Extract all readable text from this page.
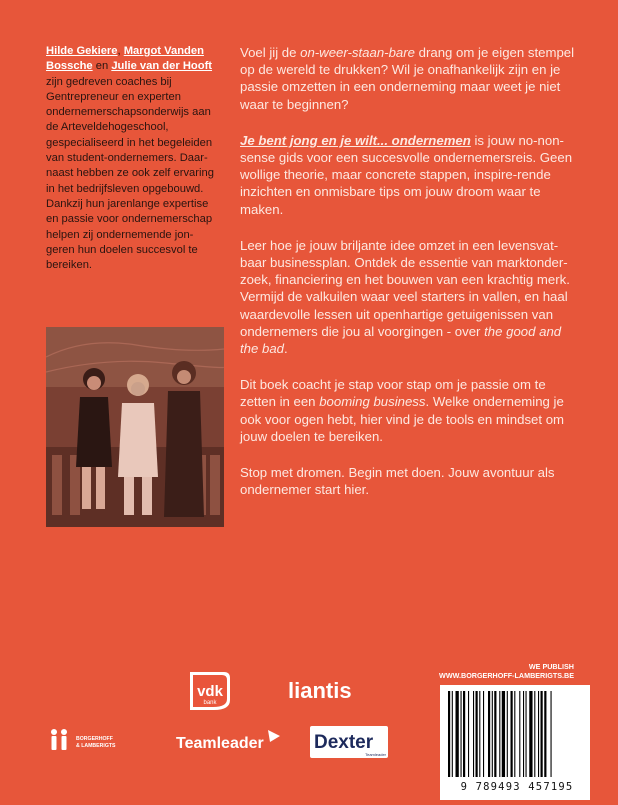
Hilde Gekiere, Margot Vanden Bossche en Julie van der Hooft zijn gedreven coaches bij Gentrepreneur en experten ondernemerschapsonderwijs aan de Arteveldehogeschool, gespecialiseerd in het begeleiden van student-ondernemers. Daar-naast hebben ze ook zelf ervaring in het bedrijfsleven opgebouwd. Dankzij hun jarenlange expertise en passie voor ondernemerschap helpen zij ondernemende jon-geren hun doelen succesvol te bereiken.

Voel jij de on-weer-staan-bare drang om je eigen stempel op de wereld te drukken? Wil je onafhankelijk zijn en je passie omzetten in een onderneming maar weet je niet waar te beginnen?

Je bent jong en je wilt... ondernemen is jouw no-non-sense gids voor een succesvolle ondernemersreis. Geen wollige theorie, maar concrete stappen, inspire-rende inzichten en onmisbare tips om jouw droom waar te maken.

Leer hoe je jouw briljante idee omzet in een levensvat-baar businessplan. Ontdek de essentie van marktonder-zoek, financiering en het bouwen van een krachtig merk. Vermijd de valkuilen waar veel starters in vallen, en haal waardevolle lessen uit openhartige getuigenissen van ondernemers die jou al voorgingen - over the good and the bad.

Dit boek coacht je stap voor stap om je passie om te zetten in een booming business. Welke onderneming je ook voor ogen hebt, hier vind je de tools en mindset om jouw doelen te bereiken.

Stop met dromen. Begin met doen. Jouw avontuur als ondernemer start hier.

WE PUBLISH
WWW.BORGERHOFF-LAMBERIGTS.BE
BORGERHOFF
& LAMBERIGTS
vdk
bank	liantis
Teamleader	Dexter
Teamleader
9 789493 457195
